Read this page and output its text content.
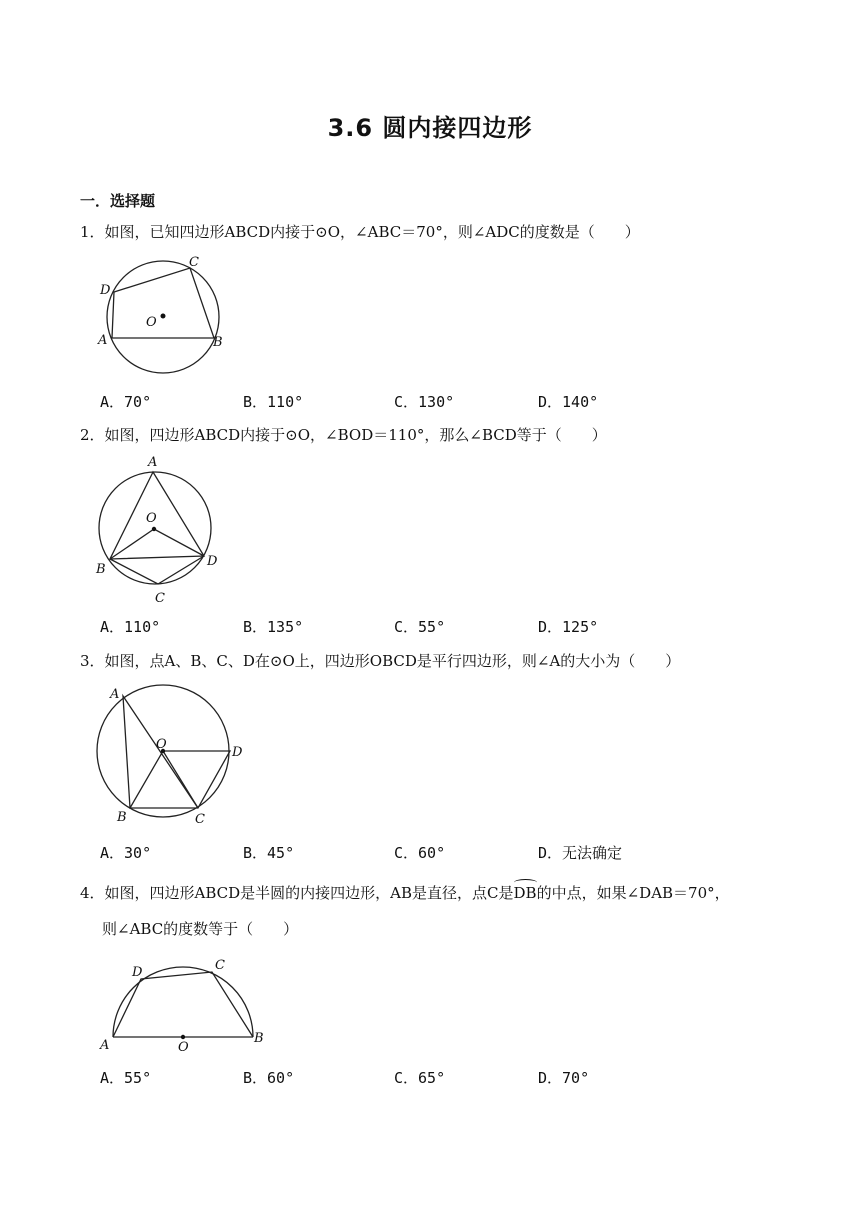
3.6 圆内接四边形
一．选择题
1．如图，已知四边形ABCD内接于⊙O，∠ABC＝70°，则∠ADC的度数是（　　）
D
C
O
A	B
A．70°	B．110°	C．130°	D．140°
2．如图，四边形ABCD内接于⊙O，∠BOD＝110°，那么∠BCD等于（　　）
A
O
B
D
C
A．110°	B．135°	C．55°	D．125°
3．如图，点A、B、C、D在⊙O上，四边形OBCD是平行四边形，则∠A的大小为（　　）
A
O
D
B	C
A．30°	B．45°	C．60°	D．无法确定
4．如图，四边形ABCD是半圆的内接四边形，AB是直径，点C是DB的中点，如果∠DAB＝70°，
则∠ABC的度数等于（　　）
D	C
A	O
B
A．55°	B．60°	C．65°	D．70°
